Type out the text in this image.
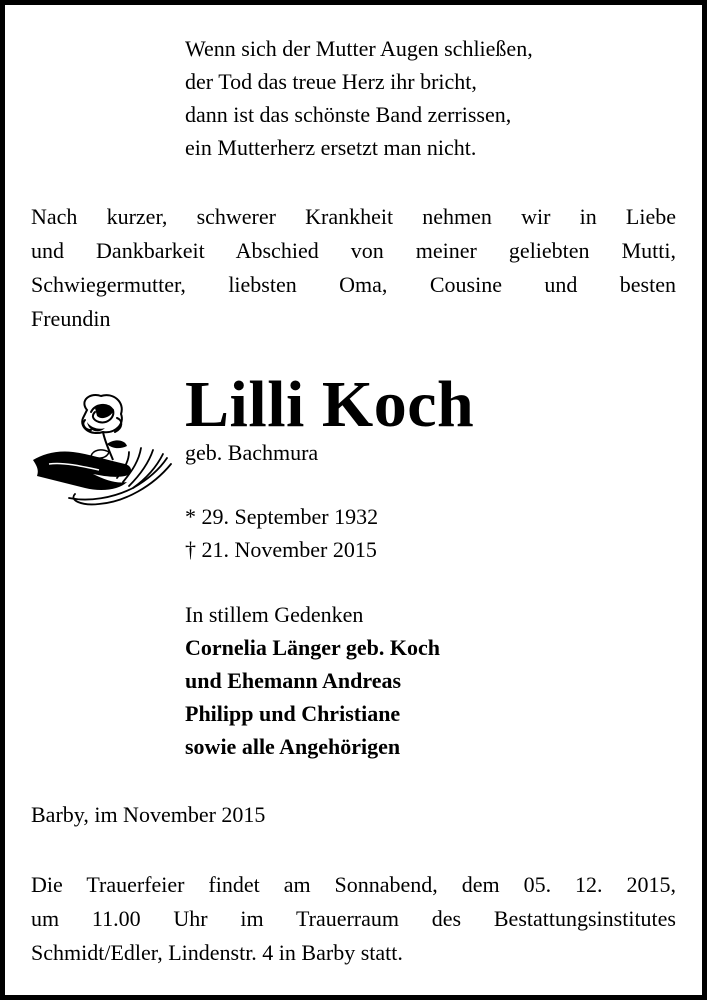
Wenn sich der Mutter Augen schließen,
der Tod das treue Herz ihr bricht,
dann ist das schönste Band zerrissen,
ein Mutterherz ersetzt man nicht.
Nach kurzer, schwerer Krankheit nehmen wir in Liebe
und Dankbarkeit Abschied von meiner geliebten Mutti,
Schwiegermutter, liebsten Oma, Cousine und besten
Freundin
Lilli Koch
geb. Bachmura
* 29. September 1932
† 21. November 2015
In stillem Gedenken
Cornelia Länger geb. Koch
und Ehemann Andreas
Philipp und Christiane
sowie alle Angehörigen
Barby, im November 2015
Die Trauerfeier findet am Sonnabend, dem 05. 12. 2015,
um 11.00 Uhr im Trauerraum des Bestattungsinstitutes
Schmidt/Edler, Lindenstr. 4 in Barby statt.
